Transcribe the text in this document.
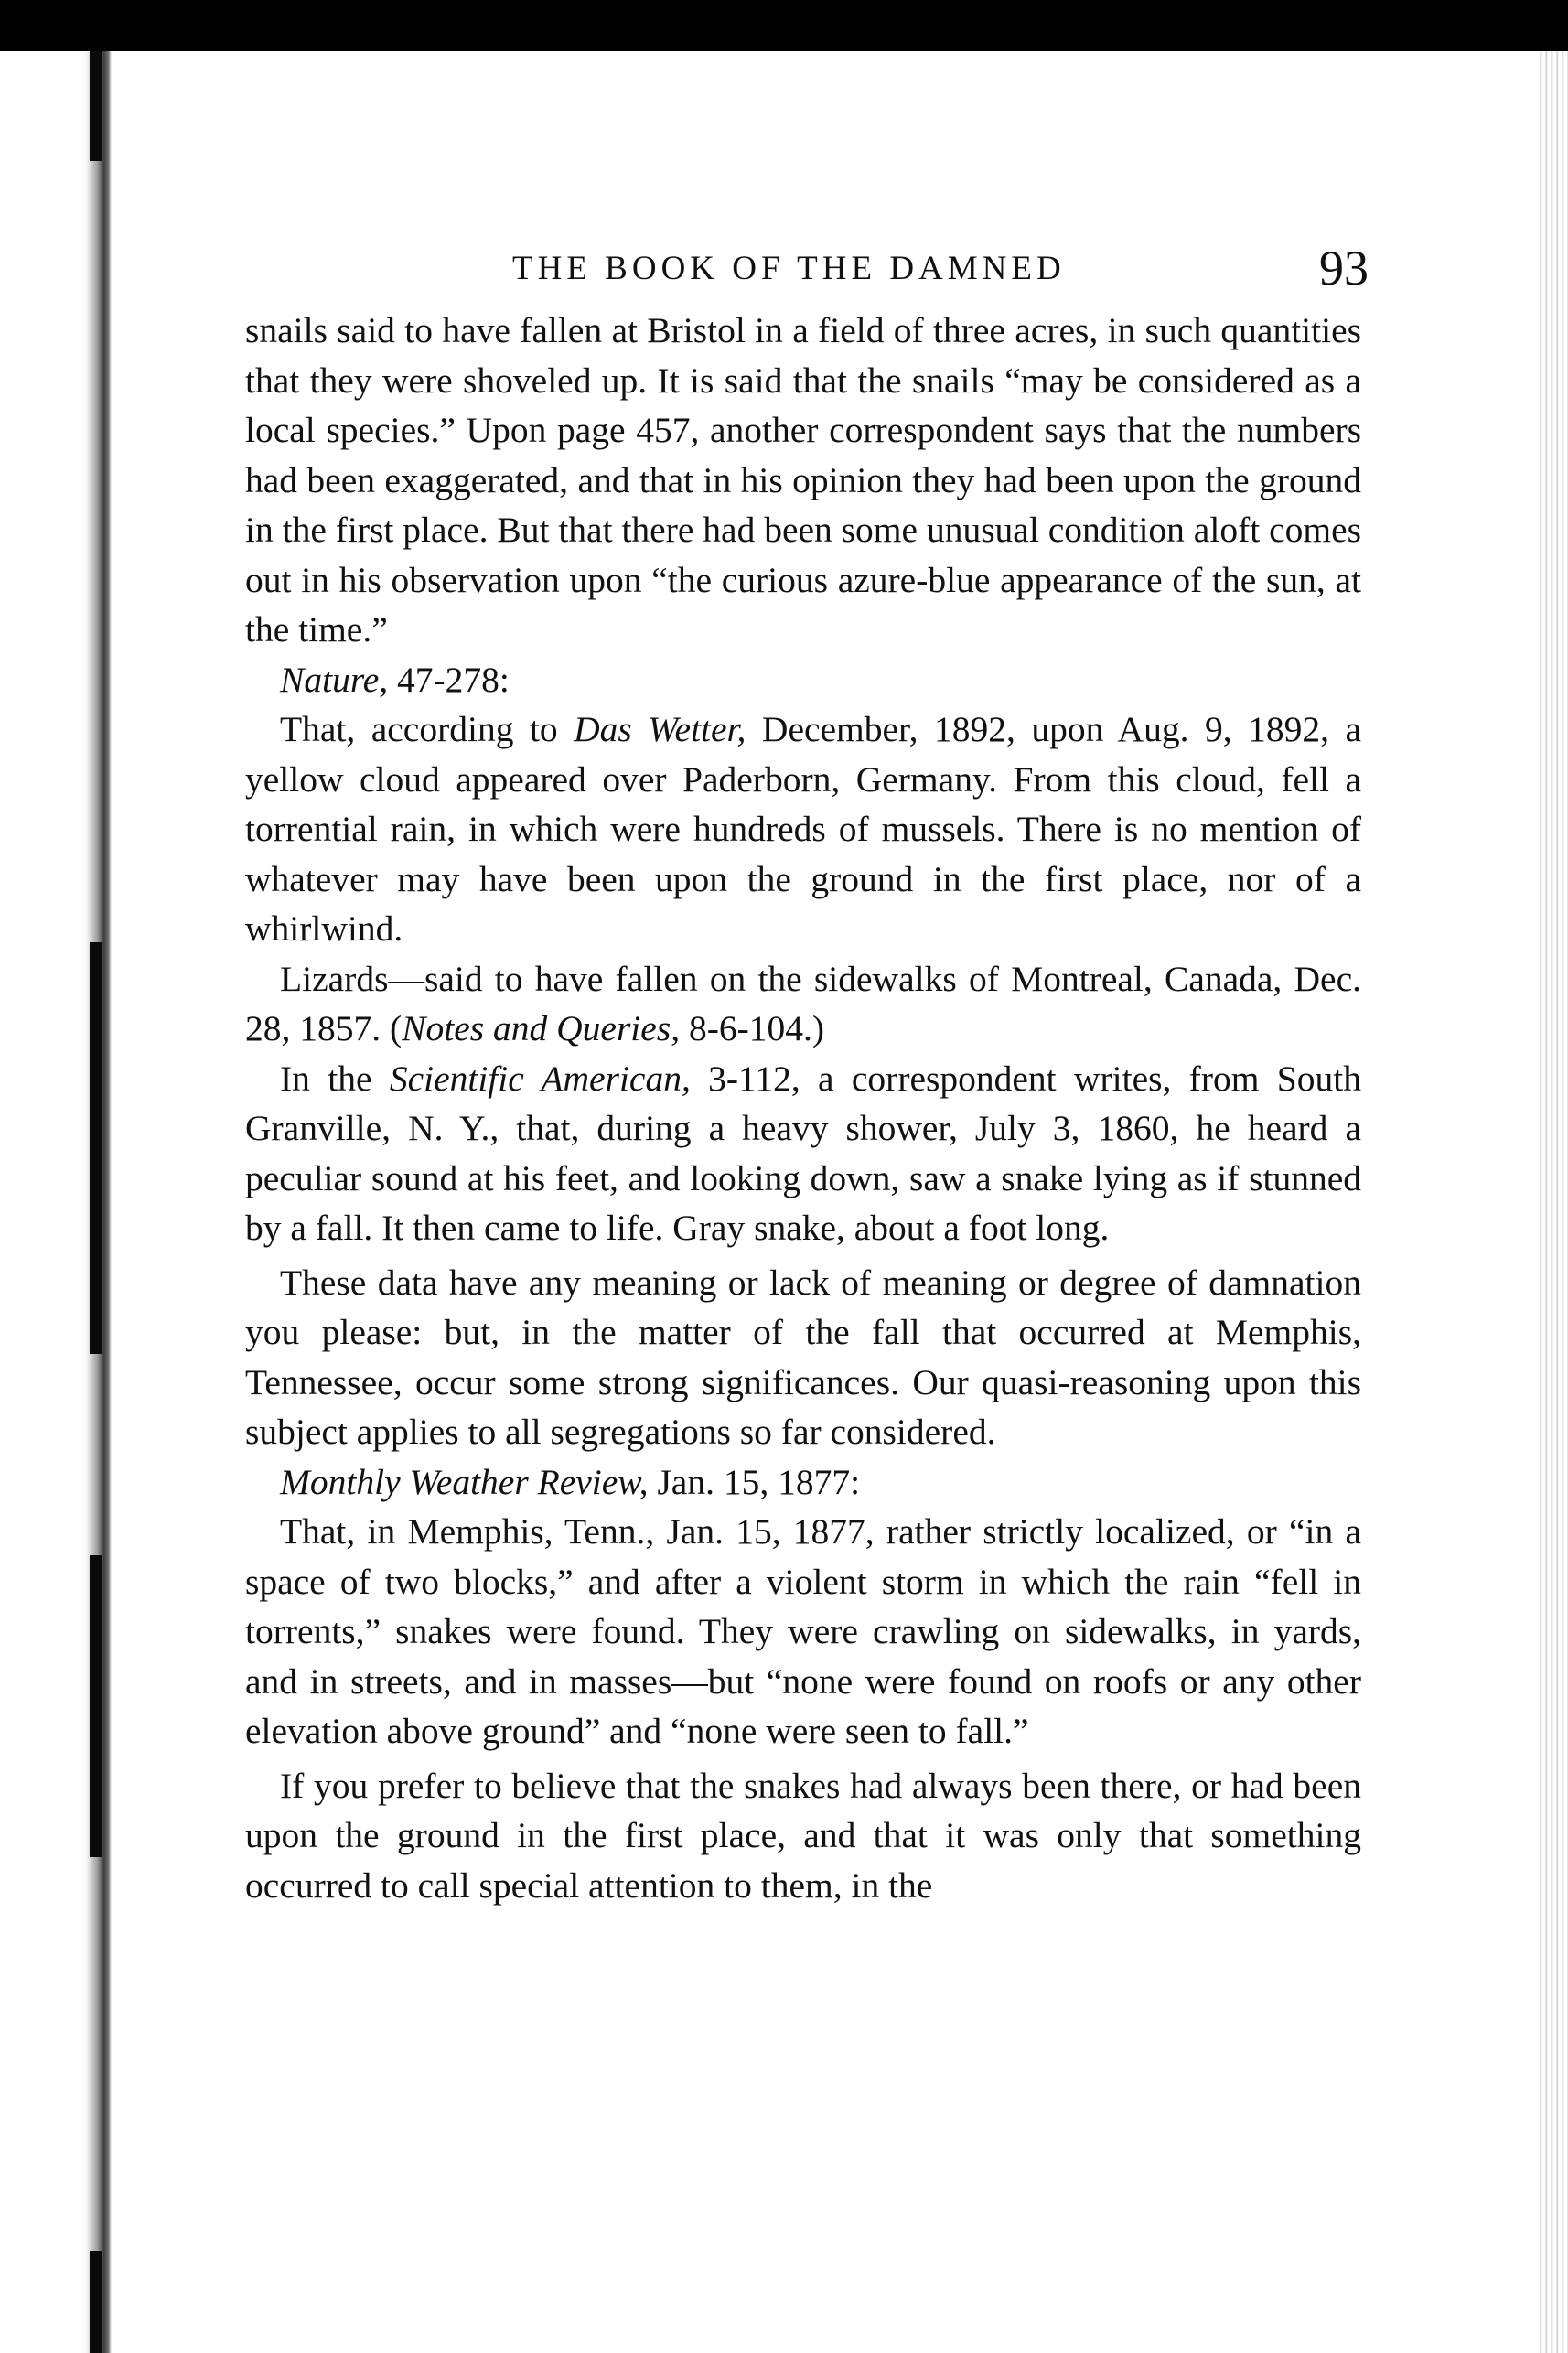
THE BOOK OF THE DAMNED	93

snails said to have fallen at Bristol in a field of three acres, in such quantities that they were shoveled up. It is said that the snails “may be considered as a local species.” Upon page 457, another correspondent says that the numbers had been exaggerated, and that in his opinion they had been upon the ground in the first place. But that there had been some unusual condition aloft comes out in his observation upon “the curious azure-blue appearance of the sun, at the time.”

Nature, 47-278:

That, according to Das Wetter, December, 1892, upon Aug. 9, 1892, a yellow cloud appeared over Paderborn, Germany. From this cloud, fell a torrential rain, in which were hundreds of mussels. There is no mention of whatever may have been upon the ground in the first place, nor of a whirlwind.

Lizards—said to have fallen on the sidewalks of Montreal, Canada, Dec. 28, 1857. (Notes and Queries, 8-6-104.)

In the Scientific American, 3-112, a correspondent writes, from South Granville, N. Y., that, during a heavy shower, July 3, 1860, he heard a peculiar sound at his feet, and looking down, saw a snake lying as if stunned by a fall. It then came to life. Gray snake, about a foot long.

These data have any meaning or lack of meaning or degree of damnation you please: but, in the matter of the fall that occurred at Memphis, Tennessee, occur some strong significances. Our quasi-reasoning upon this subject applies to all segregations so far considered.

Monthly Weather Review, Jan. 15, 1877:

That, in Memphis, Tenn., Jan. 15, 1877, rather strictly localized, or “in a space of two blocks,” and after a violent storm in which the rain “fell in torrents,” snakes were found. They were crawling on sidewalks, in yards, and in streets, and in masses—but “none were found on roofs or any other elevation above ground” and “none were seen to fall.”

If you prefer to believe that the snakes had always been there, or had been upon the ground in the first place, and that it was only that something occurred to call special attention to them, in the
